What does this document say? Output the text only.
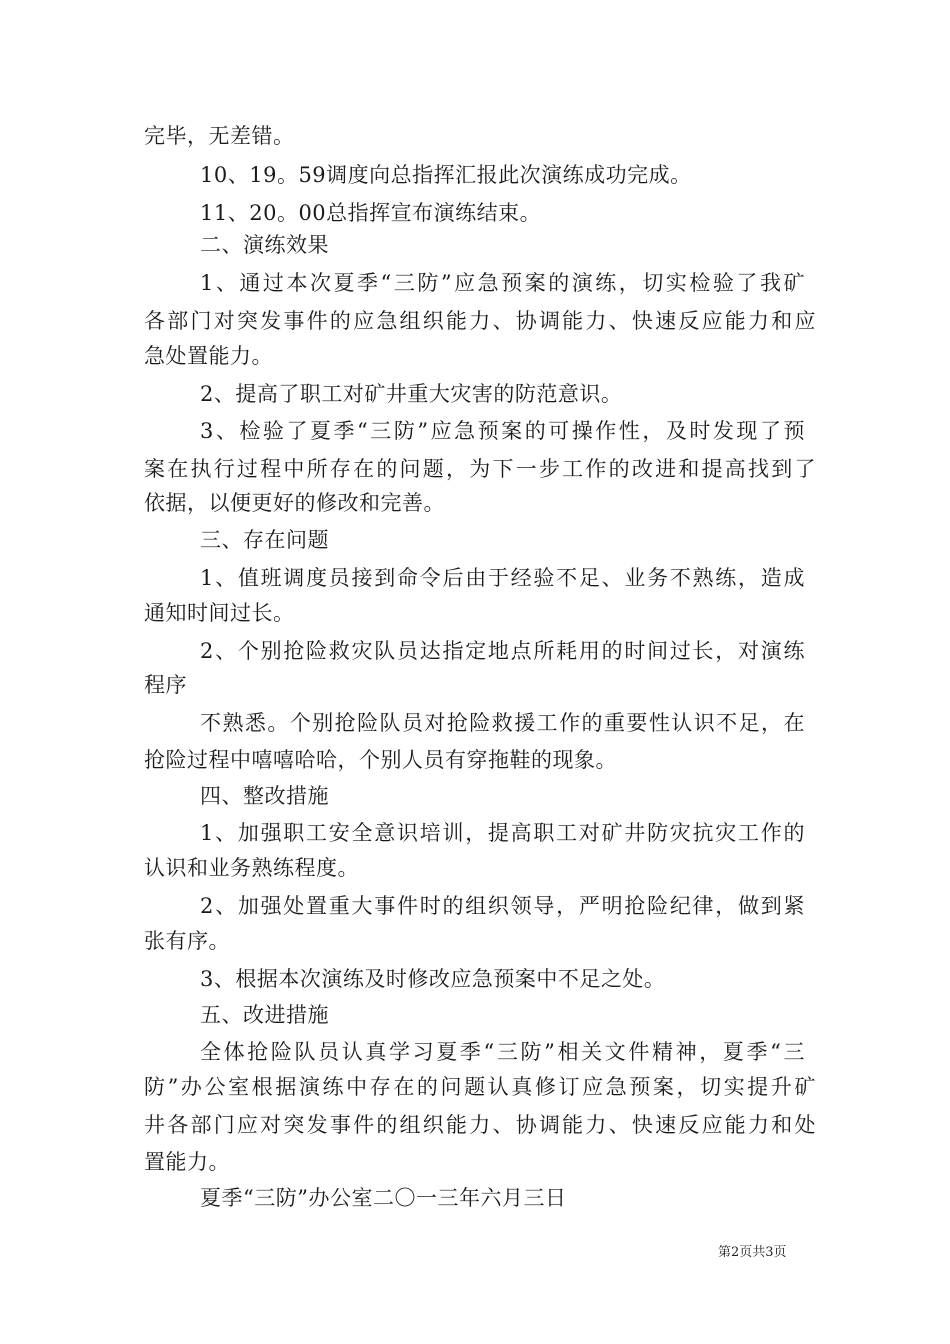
完毕，无差错。
10、19。59调度向总指挥汇报此次演练成功完成。
11、20。00总指挥宣布演练结束。
二、演练效果
1、通过本次夏季“三防”应急预案的演练，切实检验了我矿
各部门对突发事件的应急组织能力、协调能力、快速反应能力和应
急处置能力。
2、提高了职工对矿井重大灾害的防范意识。
3、检验了夏季“三防”应急预案的可操作性，及时发现了预
案在执行过程中所存在的问题，为下一步工作的改进和提高找到了
依据，以便更好的修改和完善。
三、存在问题
1、值班调度员接到命令后由于经验不足、业务不熟练，造成
通知时间过长。
2、个别抢险救灾队员达指定地点所耗用的时间过长，对演练
程序
不熟悉。个别抢险队员对抢险救援工作的重要性认识不足，在
抢险过程中嘻嘻哈哈，个别人员有穿拖鞋的现象。
四、整改措施
1、加强职工安全意识培训，提高职工对矿井防灾抗灾工作的
认识和业务熟练程度。
2、加强处置重大事件时的组织领导，严明抢险纪律，做到紧
张有序。
3、根据本次演练及时修改应急预案中不足之处。
五、改进措施
全体抢险队员认真学习夏季“三防”相关文件精神，夏季“三
防”办公室根据演练中存在的问题认真修订应急预案，切实提升矿
井各部门应对突发事件的组织能力、协调能力、快速反应能力和处
置能力。
夏季“三防”办公室二〇一三年六月三日
第2页共3页
